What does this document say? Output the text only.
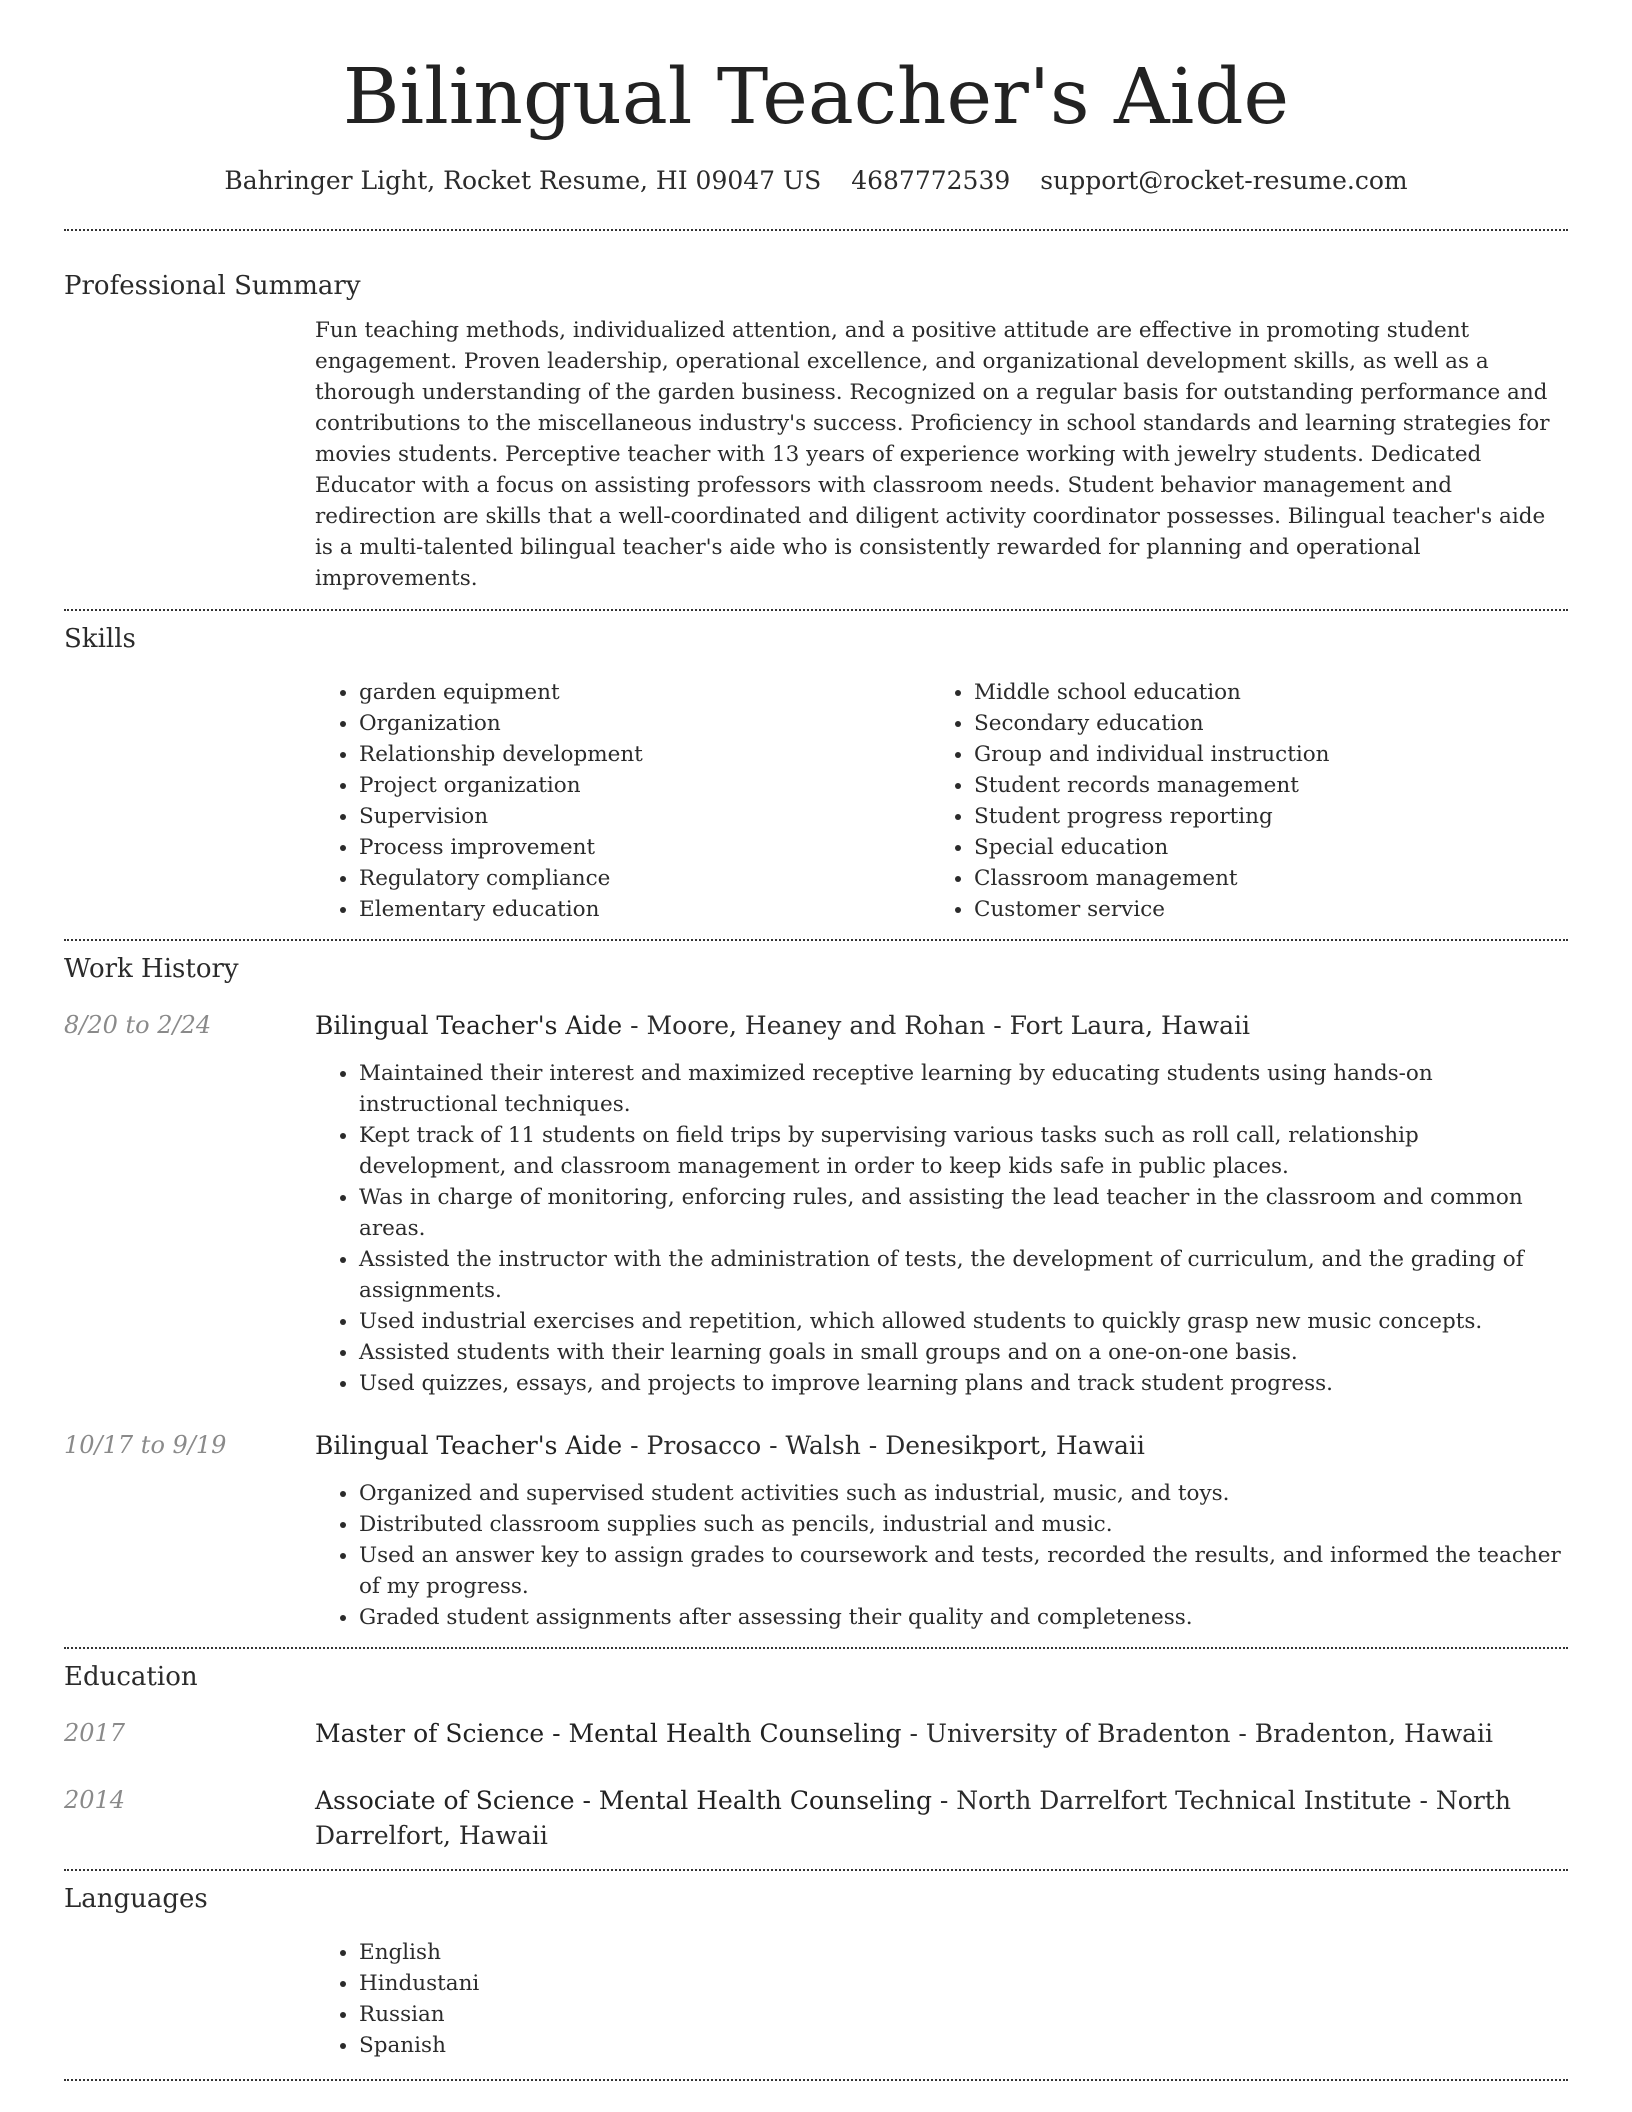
Bilingual Teacher's Aide
Bahringer Light, Rocket Resume, HI 09047 US 4687772539 support@rocket-resume.com
Professional Summary

Fun teaching methods, individualized attention, and a positive attitude are effective in promoting student engagement. Proven leadership, operational excellence, and organizational development skills, as well as a thorough understanding of the garden business. Recognized on a regular basis for outstanding performance and contributions to the miscellaneous industry's success. Proficiency in school standards and learning strategies for movies students. Perceptive teacher with 13 years of experience working with jewelry students. Dedicated Educator with a focus on assisting professors with classroom needs. Student behavior management and redirection are skills that a well-coordinated and diligent activity coordinator possesses. Bilingual teacher's aide is a multi-talented bilingual teacher's aide who is consistently rewarded for planning and operational improvements.

Skills
• garden equipment
• Organization
• Relationship development
• Project organization
• Supervision
• Process improvement
• Regulatory compliance
• Elementary education
• Middle school education
• Secondary education
• Group and individual instruction
• Student records management
• Student progress reporting
• Special education
• Classroom management
• Customer service
Work History
8/20 to 2/24	Bilingual Teacher's Aide - Moore, Heaney and Rohan - Fort Laura, Hawaii
• Maintained their interest and maximized receptive learning by educating students using hands-on instructional techniques.
• Kept track of 11 students on field trips by supervising various tasks such as roll call, relationship development, and classroom management in order to keep kids safe in public places.
• Was in charge of monitoring, enforcing rules, and assisting the lead teacher in the classroom and common areas.
• Assisted the instructor with the administration of tests, the development of curriculum, and the grading of assignments.
• Used industrial exercises and repetition, which allowed students to quickly grasp new music concepts.
• Assisted students with their learning goals in small groups and on a one-on-one basis.
• Used quizzes, essays, and projects to improve learning plans and track student progress.
10/17 to 9/19	Bilingual Teacher's Aide - Prosacco - Walsh - Denesikport, Hawaii
• Organized and supervised student activities such as industrial, music, and toys.
• Distributed classroom supplies such as pencils, industrial and music.
• Used an answer key to assign grades to coursework and tests, recorded the results, and informed the teacher of my progress.
• Graded student assignments after assessing their quality and completeness.
Education
2017	Master of Science - Mental Health Counseling - University of Bradenton - Bradenton, Hawaii
2014	Associate of Science - Mental Health Counseling - North Darrelfort Technical Institute - North Darrelfort, Hawaii
Languages
• English
• Hindustani
• Russian
• Spanish
